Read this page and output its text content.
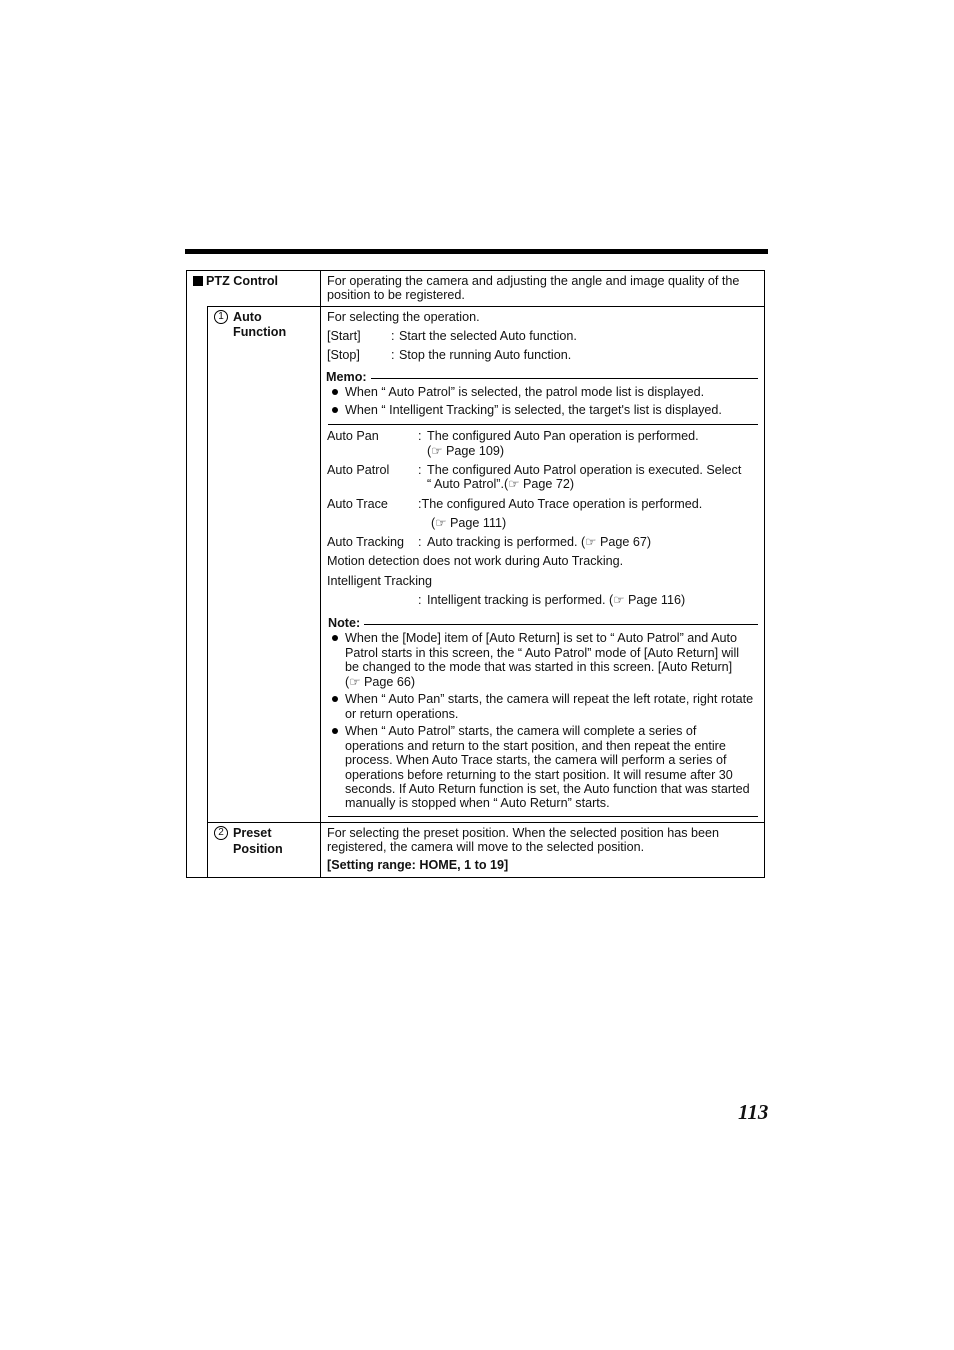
PTZ Control	For operating the camera and adjusting the angle and image quality of the
position to be registered.
1 Auto
Function
For selecting the operation.
[Start] : Start the selected Auto function.
[Stop] : Stop the running Auto function.
Memo:
When “ Auto Patrol” is selected, the patrol mode list is displayed.
When “ Intelligent Tracking” is selected, the target's list is displayed.
Auto Pan	: The configured Auto Pan operation is performed.
(☞ Page 109)
Auto Patrol : The configured Auto Patrol operation is executed. Select
“ Auto Patrol”.(☞ Page 72)
Auto Trace :The configured Auto Trace operation is performed.
(☞ Page 111)
Auto Tracking : Auto tracking is performed. (☞ Page 67)
Motion detection does not work during Auto Tracking.
Intelligent Tracking
: Intelligent tracking is performed. (☞ Page 116)
Note:
When the [Mode] item of [Auto Return] is set to “ Auto Patrol” and Auto
Patrol starts in this screen, the “ Auto Patrol” mode of [Auto Return] will
be changed to the mode that was started in this screen. [Auto Return]
(☞ Page 66)
When “ Auto Pan” starts, the camera will repeat the left rotate, right rotate
or return operations.
When “ Auto Patrol” starts, the camera will complete a series of
operations and return to the start position, and then repeat the entire
process. When Auto Trace starts, the camera will perform a series of
operations before returning to the start position. It will resume after 30
seconds. If Auto Return function is set, the Auto function that was started
manually is stopped when “ Auto Return” starts.
2 Preset
Position
For selecting the preset position. When the selected position has been
registered, the camera will move to the selected position.
[Setting range: HOME, 1 to 19]
113
